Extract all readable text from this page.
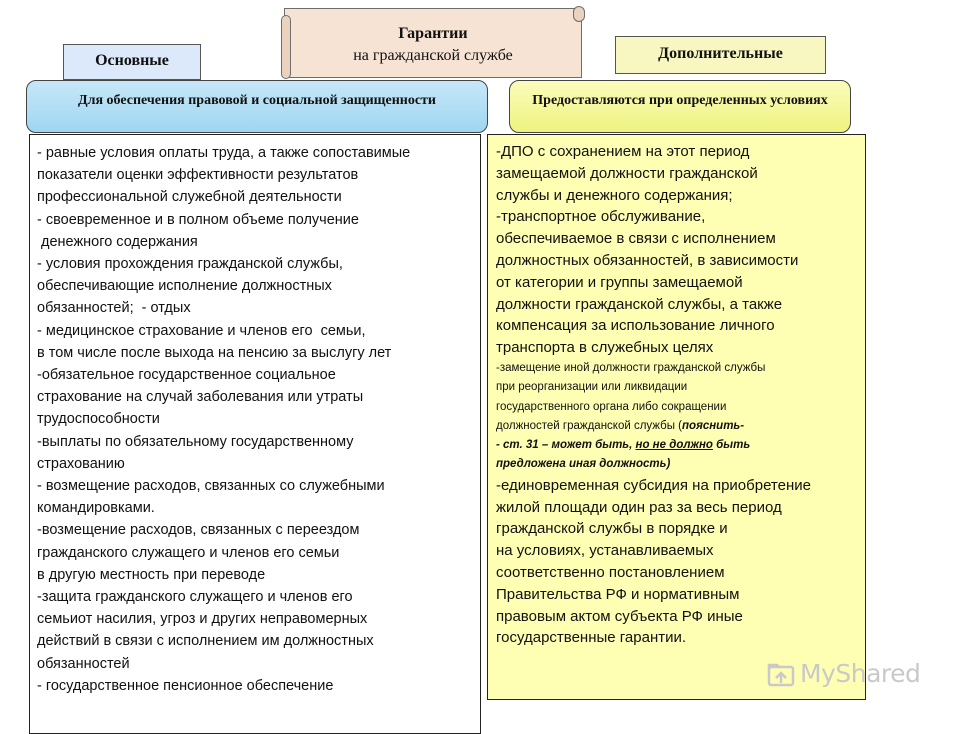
Гарантии
на гражданской службе
Основные	Дополнительные
Для обеспечения правовой и социальной защищенности	Предоставляются при определенных условиях
- равные условия оплаты труда, а также сопоставимые
показатели оценки эффективности результатов
профессиональной служебной деятельности
- своевременное и в полном объеме получение
денежного содержания
- условия прохождения гражданской службы,
обеспечивающие исполнение должностных
обязанностей;  - отдых
- медицинское страхование и членов его  семьи,
в том числе после выхода на пенсию за выслугу лет
-обязательное государственное социальное
страхование на случай заболевания или утраты
трудоспособности
-выплаты по обязательному государственному
страхованию
- возмещение расходов, связанных со служебными
командировками.
-возмещение расходов, связанных с переездом
гражданского служащего и членов его семьи
в другую местность при переводе
-защита гражданского служащего и членов его
семьиот насилия, угроз и других неправомерных
действий в связи с исполнением им должностных
обязанностей
- государственное пенсионное обеспечение
-ДПО с сохранением на этот период
замещаемой должности гражданской
службы и денежного содержания;
-транспортное обслуживание,
обеспечиваемое в связи с исполнением
должностных обязанностей, в зависимости
от категории и группы замещаемой
должности гражданской службы, а также
компенсация за использование личного
транспорта в служебных целях
-замещение иной должности гражданской службы
при реорганизации или ликвидации
государственного органа либо сокращении
должностей гражданской службы (пояснить-
- ст. 31 – может быть, но не должно быть
предложена иная должность)
-единовременная субсидия на приобретение
жилой площади один раз за весь период
гражданской службы в порядке и
на условиях, устанавливаемых
соответственно постановлением
Правительства РФ и нормативным
правовым актом субъекта РФ иные
государственные гарантии.
MyShared
